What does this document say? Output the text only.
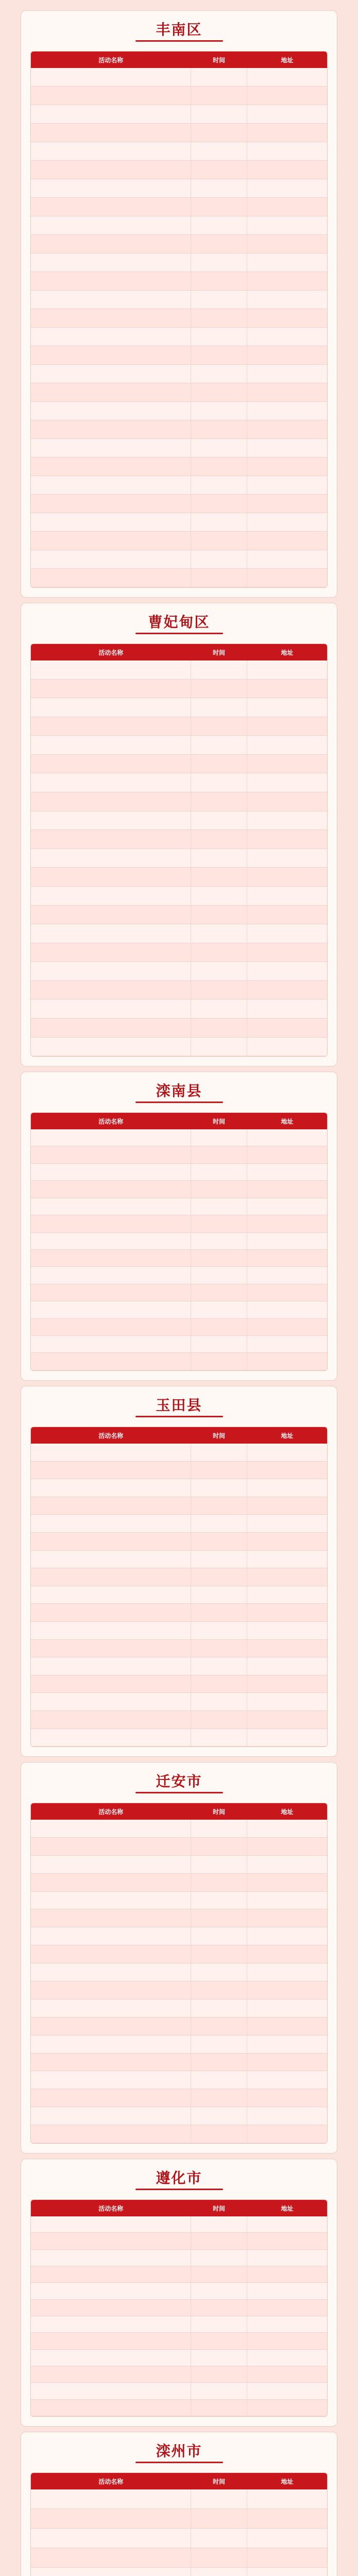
丰南区
活动名称	时间	地址
曹妃甸区
活动名称	时间	地址
滦南县
活动名称	时间	地址
玉田县
活动名称	时间	地址
迁安市
活动名称	时间	地址
遵化市
活动名称	时间	地址
滦州市
活动名称	时间	地址
